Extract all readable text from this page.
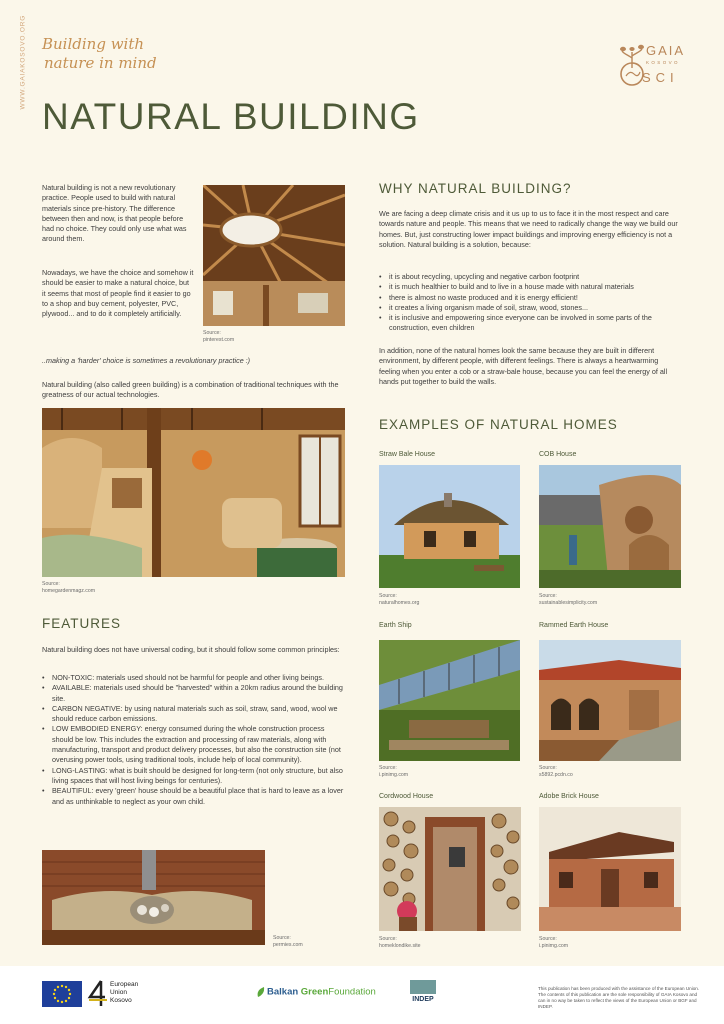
WWW.GAIAKOSOVO.ORG Building with
nature in mind
NATURAL BUILDING
GAIA
KOSOVO
SCI

Natural building is not a new revolutionary practice. People used to build with natural materials since pre-history. The difference between then and now, is that people before had no choice. They could only use what was around them.

Nowadays, we have the choice and somehow it should be easier to make a natural choice, but it seems that most of people find it easier to go to a shop and buy cement, polyester, PVC, plywood... and to do it completely artificially.

Source:
pinterest.com

..making a 'harder' choice is sometimes a revolutionary practice :)

Natural building (also called green building) is a combination of traditional techniques with the greatness of our actual technologies.

Source:
homegardenmagz.com
FEATURES

Natural building does not have universal coding, but it should follow some common principles:

• NON-TOXIC: materials used should not be harmful for people and other living beings.
• AVAILABLE: materials used should be "harvested" within a 20km radius around the building site.
• CARBON NEGATIVE: by using natural materials such as soil, straw, sand, wood, wool we should reduce carbon emissions.
• LOW EMBODIED ENERGY: energy consumed during the whole construction process should be low. This includes the extraction and processing of raw materials, along with manufacturing, transport and product delivery processes, but also the construction site (not overusing power tools, using traditional tools, include help of local community).
• LONG-LASTING: what is built should be designed for long-term (not only structure, but also living spaces that will host living beings for centuries).
• BEAUTIFUL: every 'green' house should be a beautiful place that is hard to leave as a lover and as unthinkable to neglect as your own child.
Source:
permies.com
WHY NATURAL BUILDING?

We are facing a deep climate crisis and it us up to us to face it in the most respect and care towards nature and people. This means that we need to radically change the way we build our homes. But, just constructing lower impact buildings and improving energy efficiency is not a solution. Natural building is a solution, because:

• it is about recycling, upcycling and negative carbon footprint
• it is much healthier to build and to live in a house made with natural materials
• there is almost no waste produced and it is energy efficient!
• it creates a living organism made of soil, straw, wood, stones...
• it is inclusive and empowering since everyone can be involved in some parts of the construction, even children

In addition, none of the natural homes look the same because they are built in different environment, by different people, with different feelings. There is always a heartwarming feeling when you enter a cob or a straw-bale house, because you can feel the energy of all hands put together to build the walls.

EXAMPLES OF NATURAL HOMES
Straw Bale House
Source:
naturalhomes.org
COB House
Source:
sustainablesimplicity.com
Earth Ship
Source:
i.pinimg.com
Rammed Earth House
Source:
s5892.pcdn.co
Cordwood House
Source:
homeklondike.site
Adobe Brick House
Source:
i.pinimg.com
European
Union
Kosovo
Balkan GreenFoundation
INDEP
This publication has been produced with the assistance of the European Union. The contents of this publication are the sole responsibility of GAIA Kosovo and can in no way be taken to reflect the views of the European Union or BGF and INDEP.
